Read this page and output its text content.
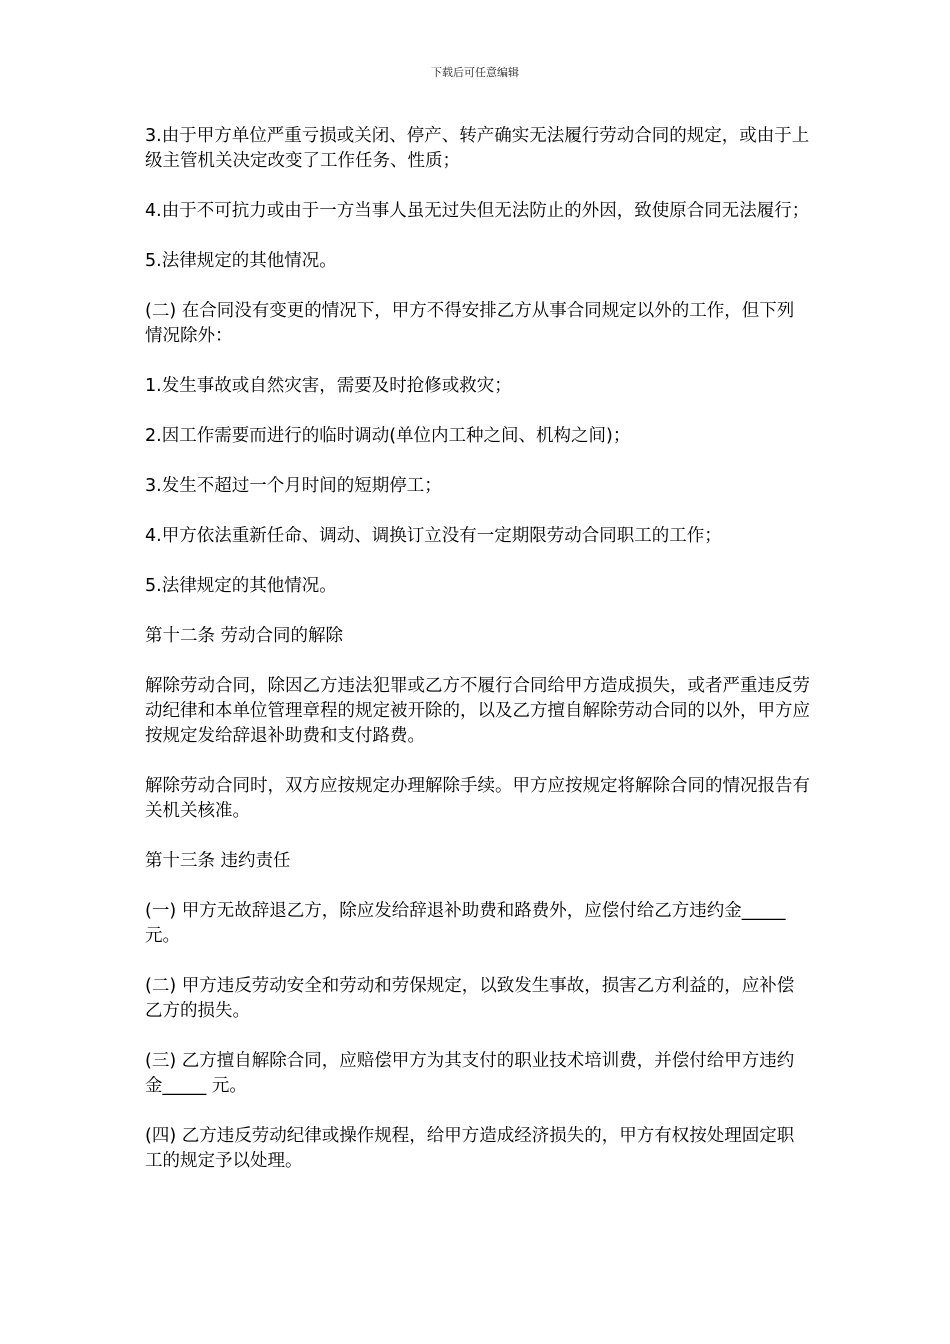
下载后可任意编辑

3.由于甲方单位严重亏损或关闭、停产、转产确实无法履行劳动合同的规定，或由于上级主管机关决定改变了工作任务、性质；

4.由于不可抗力或由于一方当事人虽无过失但无法防止的外因，致使原合同无法履行；

5.法律规定的其他情况。

(二) 在合同没有变更的情况下，甲方不得安排乙方从事合同规定以外的工作，但下列情况除外：

1.发生事故或自然灾害，需要及时抢修或救灾；

2.因工作需要而进行的临时调动(单位内工种之间、机构之间)；

3.发生不超过一个月时间的短期停工；

4.甲方依法重新任命、调动、调换订立没有一定期限劳动合同职工的工作；

5.法律规定的其他情况。

第十二条 劳动合同的解除

解除劳动合同，除因乙方违法犯罪或乙方不履行合同给甲方造成损失，或者严重违反劳动纪律和本单位管理章程的规定被开除的，以及乙方擅自解除劳动合同的以外，甲方应按规定发给辞退补助费和支付路费。

解除劳动合同时，双方应按规定办理解除手续。甲方应按规定将解除合同的情况报告有关机关核准。

第十三条 违约责任

(一) 甲方无故辞退乙方，除应发给辞退补助费和路费外，应偿付给乙方违约金_____ 元。

(二) 甲方违反劳动安全和劳动和劳保规定，以致发生事故，损害乙方利益的，应补偿乙方的损失。

(三) 乙方擅自解除合同，应赔偿甲方为其支付的职业技术培训费，并偿付给甲方违约金_____ 元。

(四) 乙方违反劳动纪律或操作规程，给甲方造成经济损失的，甲方有权按处理固定职工的规定予以处理。
